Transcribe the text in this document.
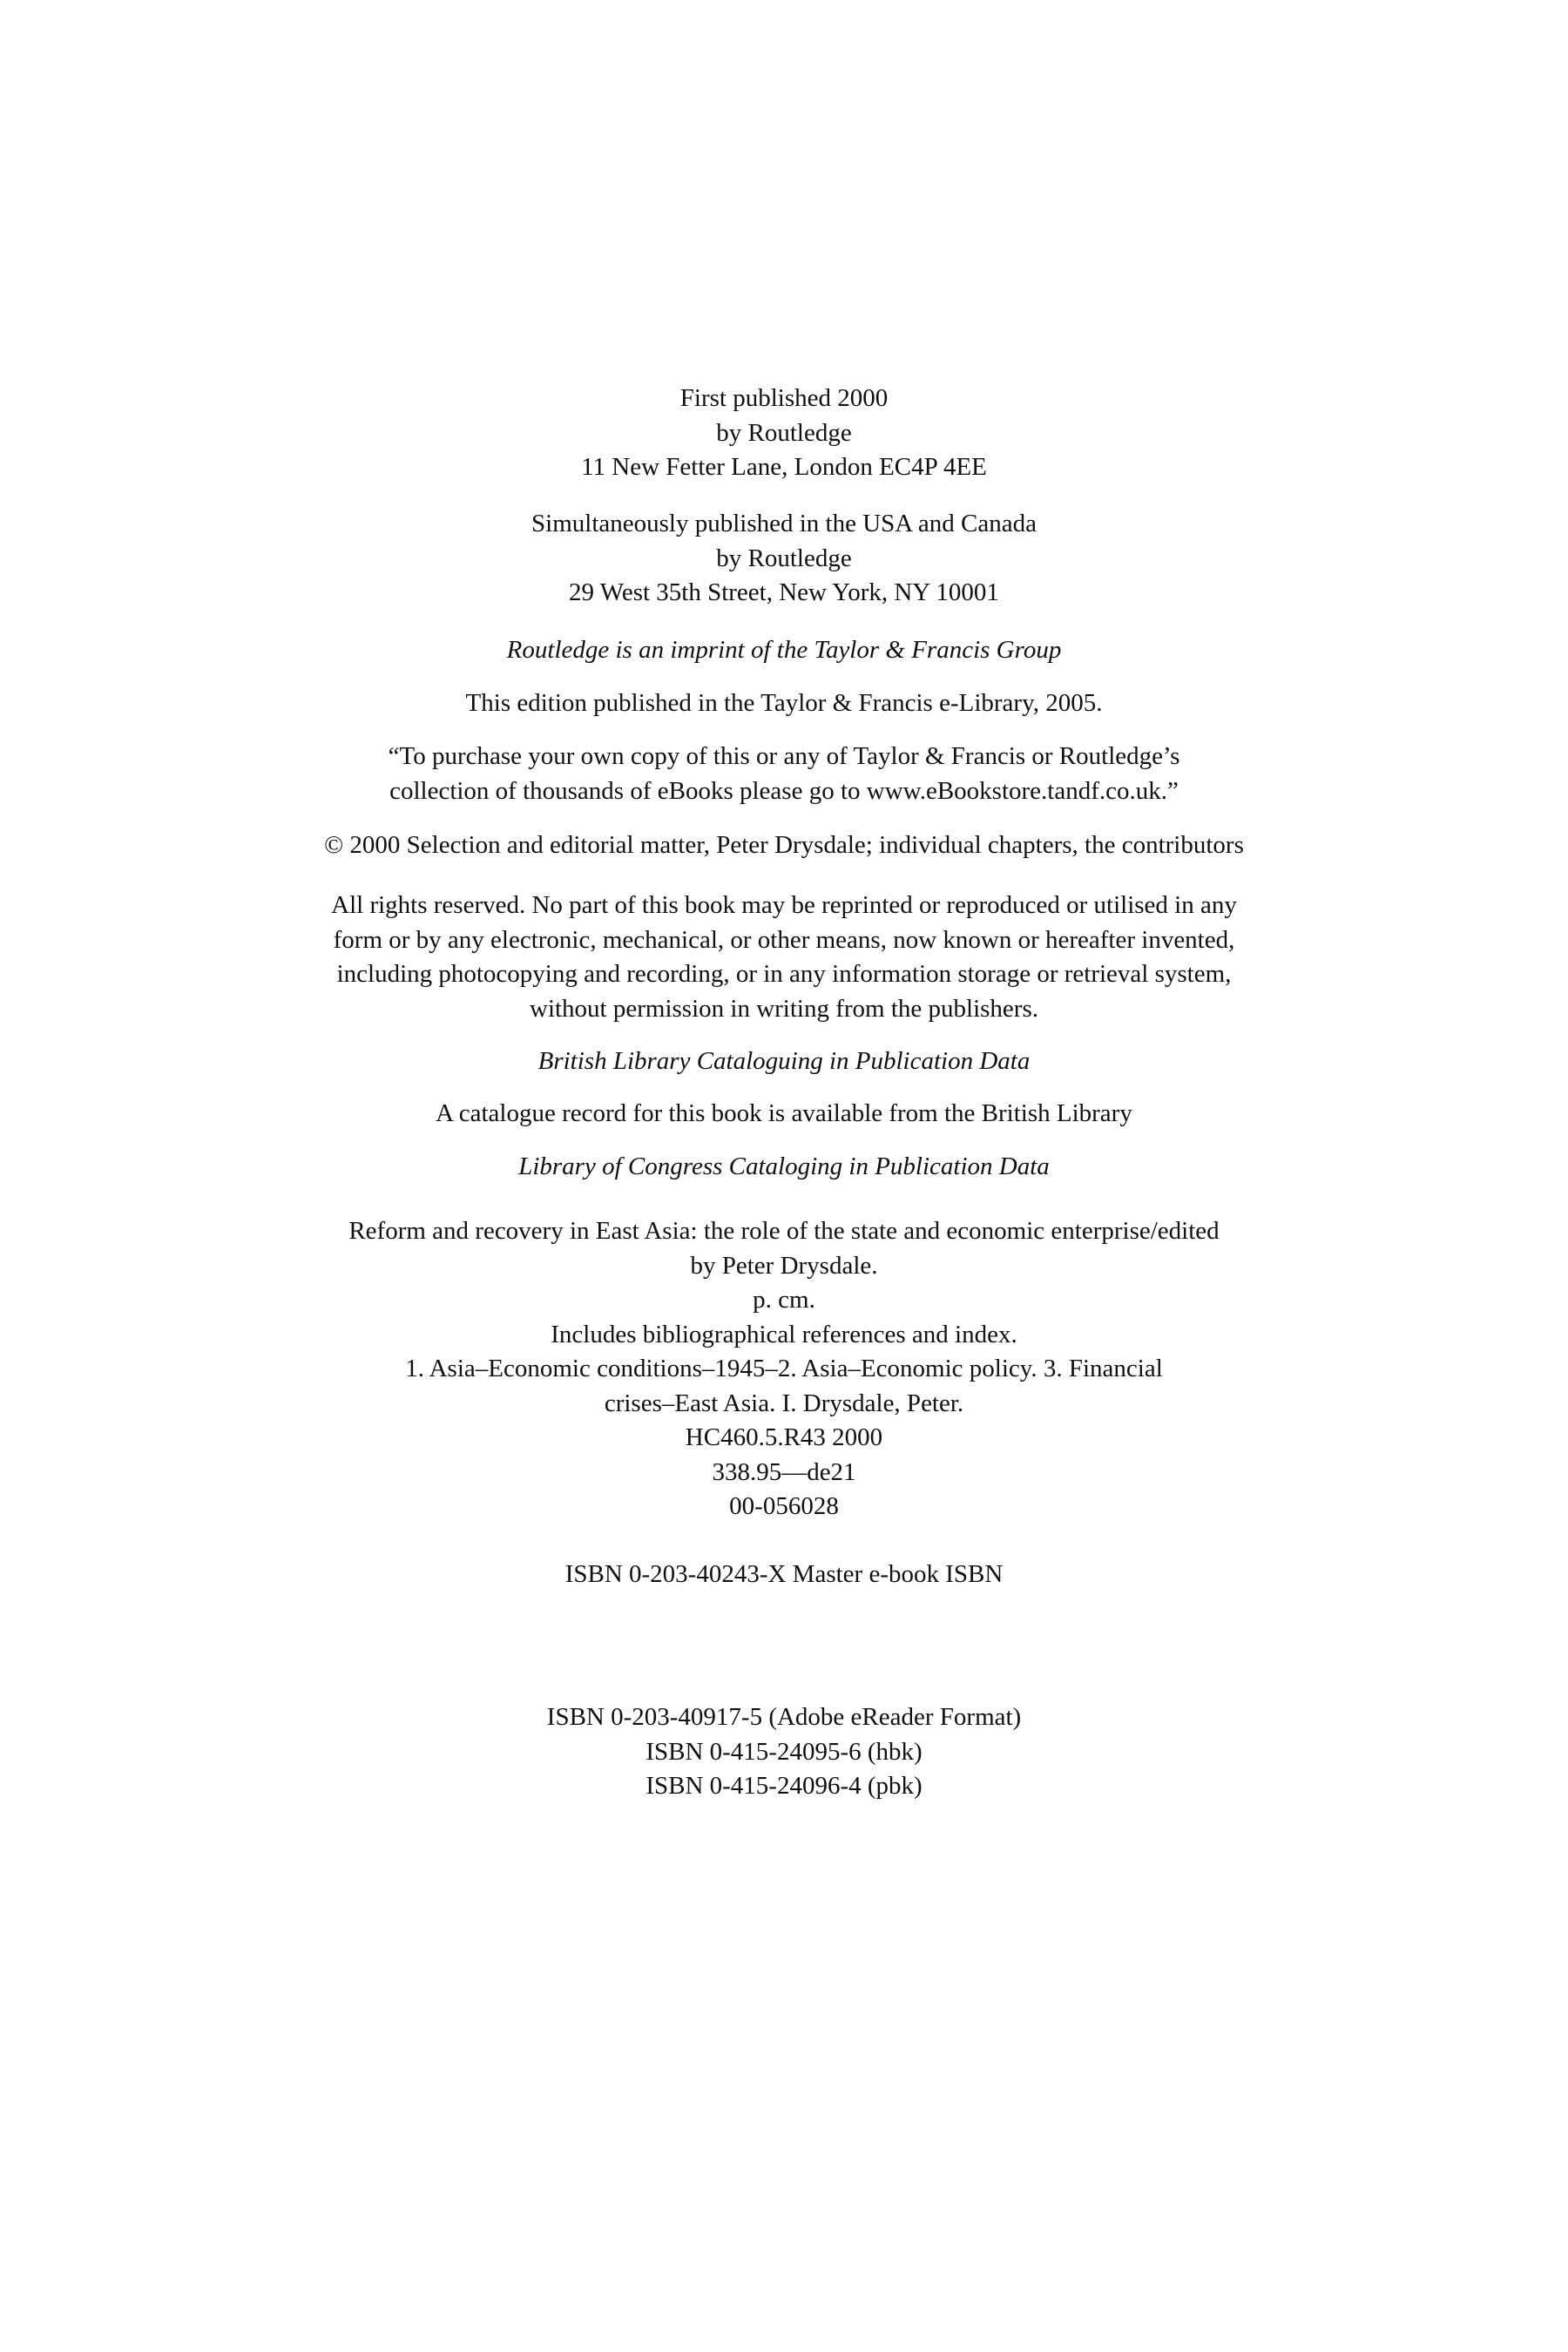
First published 2000
by Routledge
11 New Fetter Lane, London EC4P 4EE
Simultaneously published in the USA and Canada
by Routledge
29 West 35th Street, New York, NY 10001
Routledge is an imprint of the Taylor & Francis Group
This edition published in the Taylor & Francis e-Library, 2005.
“To purchase your own copy of this or any of Taylor & Francis or Routledge’s
collection of thousands of eBooks please go to www.eBookstore.tandf.co.uk.”
© 2000 Selection and editorial matter, Peter Drysdale; individual chapters, the contributors
All rights reserved. No part of this book may be reprinted or reproduced or utilised in any
form or by any electronic, mechanical, or other means, now known or hereafter invented,
including photocopying and recording, or in any information storage or retrieval system,
without permission in writing from the publishers.
British Library Cataloguing in Publication Data
A catalogue record for this book is available from the British Library
Library of Congress Cataloging in Publication Data
Reform and recovery in East Asia: the role of the state and economic enterprise/edited
by Peter Drysdale.
p. cm.
Includes bibliographical references and index.
1. Asia–Economic conditions–1945–2. Asia–Economic policy. 3. Financial
crises–East Asia. I. Drysdale, Peter.
HC460.5.R43 2000
338.95—de21
00-056028
ISBN 0-203-40243-X Master e-book ISBN
ISBN 0-203-40917-5 (Adobe eReader Format)
ISBN 0-415-24095-6 (hbk)
ISBN 0-415-24096-4 (pbk)
